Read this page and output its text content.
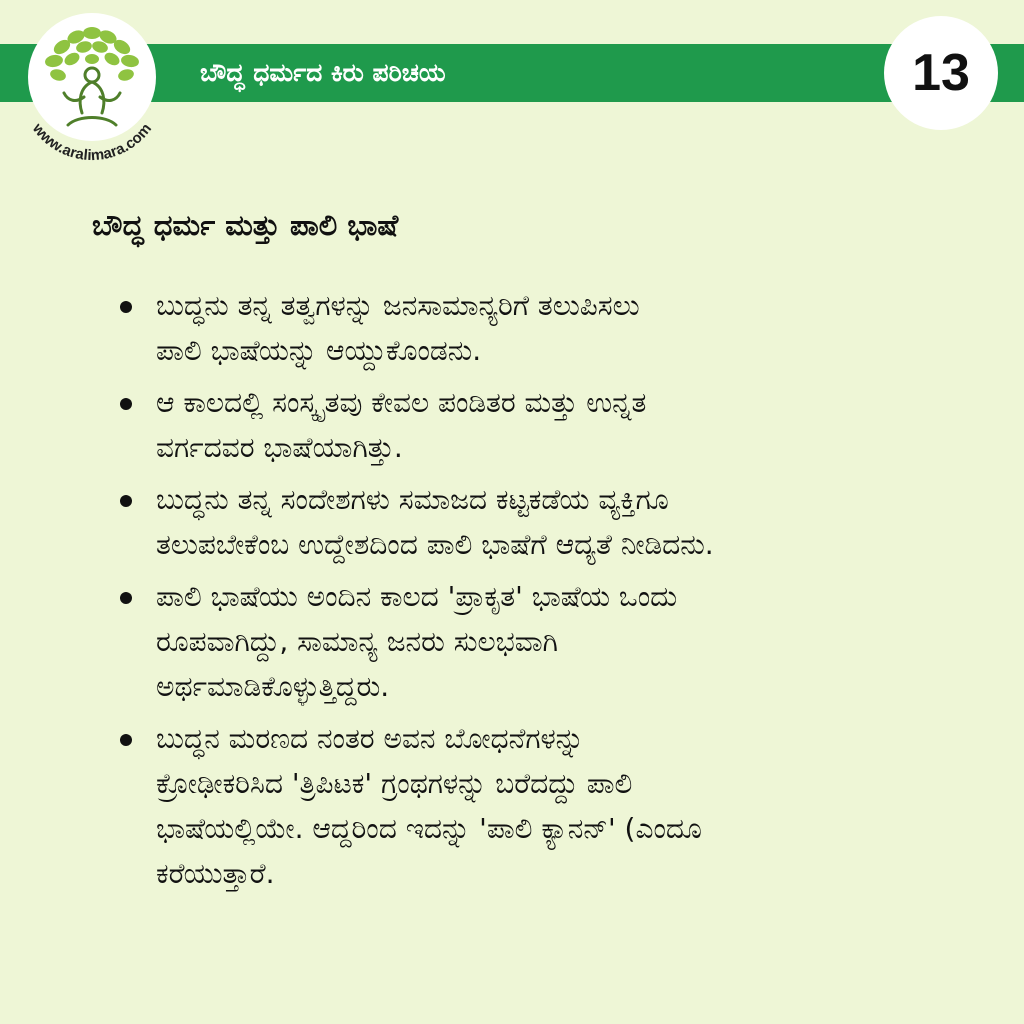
www.aralimara.com
ಬೌದ್ಧ ಧರ್ಮದ ಕಿರು ಪರಿಚಯ	13
ಬೌದ್ಧ ಧರ್ಮ ಮತ್ತು ಪಾಲಿ ಭಾಷೆ
ಬುದ್ಧನು ತನ್ನ ತತ್ವಗಳನ್ನು ಜನಸಾಮಾನ್ಯರಿಗೆ ತಲುಪಿಸಲು
ಪಾಲಿ ಭಾಷೆಯನ್ನು ಆಯ್ದುಕೊಂಡನು.
ಆ ಕಾಲದಲ್ಲಿ ಸಂಸ್ಕೃತವು ಕೇವಲ ಪಂಡಿತರ ಮತ್ತು ಉನ್ನತ
ವರ್ಗದವರ ಭಾಷೆಯಾಗಿತ್ತು.
ಬುದ್ಧನು ತನ್ನ ಸಂದೇಶಗಳು ಸಮಾಜದ ಕಟ್ಟಕಡೆಯ ವ್ಯಕ್ತಿಗೂ
ತಲುಪಬೇಕೆಂಬ ಉದ್ದೇಶದಿಂದ ಪಾಲಿ ಭಾಷೆಗೆ ಆದ್ಯತೆ ನೀಡಿದನು.
ಪಾಲಿ ಭಾಷೆಯು ಅಂದಿನ ಕಾಲದ 'ಪ್ರಾಕೃತ' ಭಾಷೆಯ ಒಂದು
ರೂಪವಾಗಿದ್ದು, ಸಾಮಾನ್ಯ ಜನರು ಸುಲಭವಾಗಿ
ಅರ್ಥಮಾಡಿಕೊಳ್ಳುತ್ತಿದ್ದರು.
ಬುದ್ಧನ ಮರಣದ ನಂತರ ಅವನ ಬೋಧನೆಗಳನ್ನು
ಕ್ರೋಢೀಕರಿಸಿದ 'ತ್ರಿಪಿಟಕ' ಗ್ರಂಥಗಳನ್ನು ಬರೆದದ್ದು ಪಾಲಿ
ಭಾಷೆಯಲ್ಲಿಯೇ. ಆದ್ದರಿಂದ ಇದನ್ನು 'ಪಾಲಿ ಕ್ಯಾನನ್' (ಎಂದೂ
ಕರೆಯುತ್ತಾರೆ.
